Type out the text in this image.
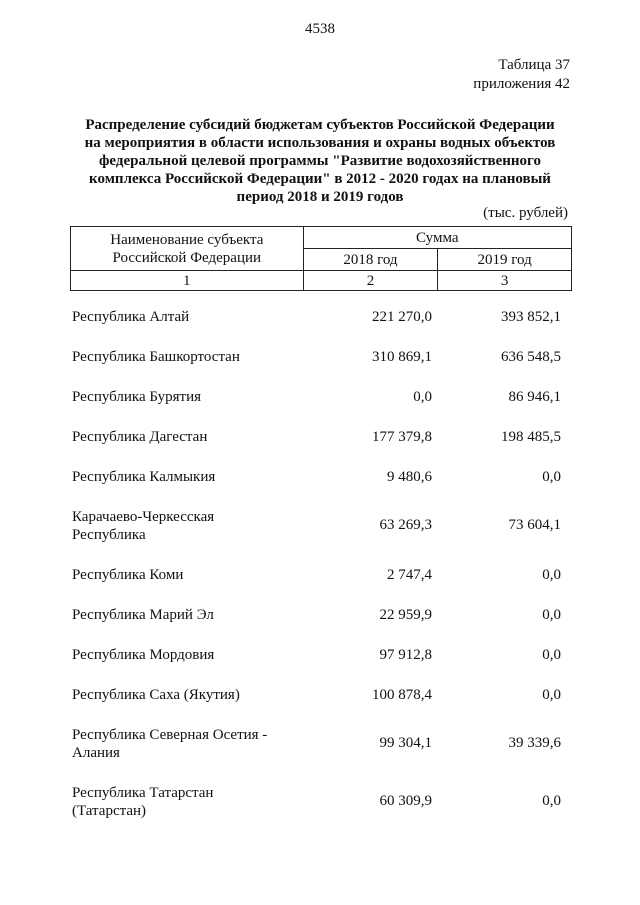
4538
Таблица 37
приложения 42
Распределение субсидий бюджетам субъектов Российской Федерации
на мероприятия в области использования и охраны водных объектов
федеральной целевой программы "Развитие водохозяйственного
комплекса Российской Федерации" в 2012 - 2020 годах на плановый
период 2018 и 2019 годов
(тыс. рублей)
Наименование субъекта
Российской Федерации	Сумма	
	2018 год	2019 год
1	2	3
Республика Алтай	221 270,0	393 852,1
Республика Башкортостан	310 869,1	636 548,5
Республика Бурятия	0,0	86 946,1
Республика Дагестан	177 379,8	198 485,5
Республика Калмыкия	9 480,6	0,0
Карачаево-Черкесская
Республика
63 269,3	73 604,1
Республика Коми	2 747,4	0,0
Республика Марий Эл	22 959,9	0,0
Республика Мордовия	97 912,8	0,0
Республика Саха (Якутия)	100 878,4	0,0
Республика Северная Осетия -
Алания
99 304,1	39 339,6
Республика Татарстан
(Татарстан)
60 309,9	0,0
